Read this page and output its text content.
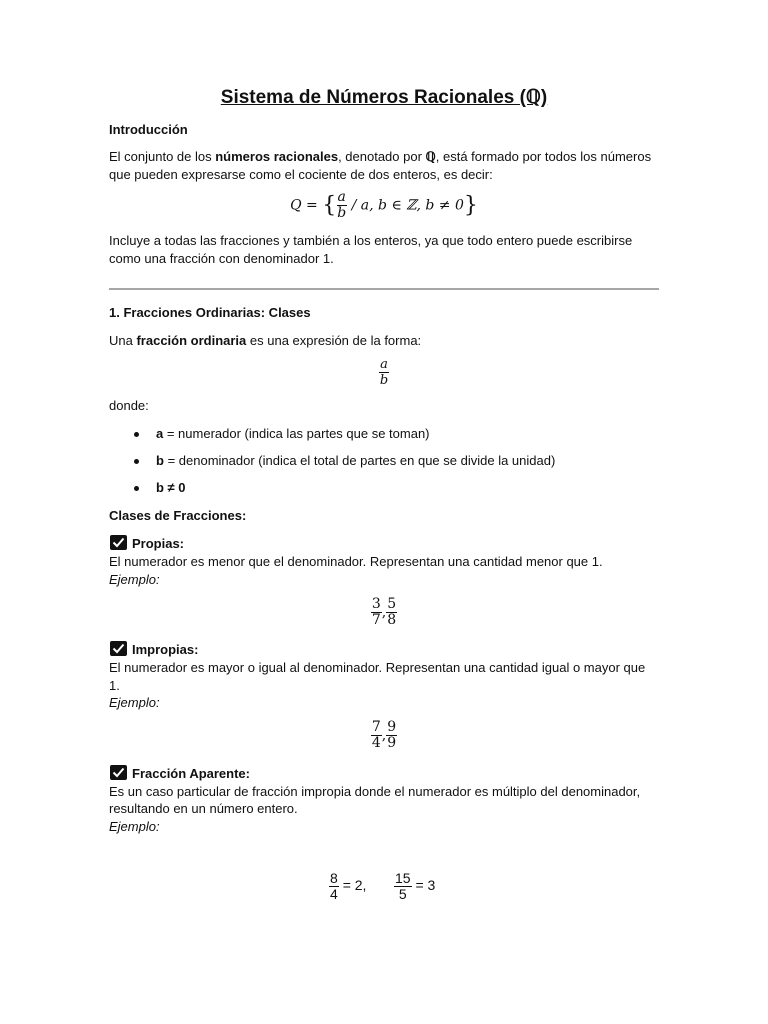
Sistema de Números Racionales (ℚ)
Introducción
El conjunto de los números racionales, denotado por ℚ, está formado por todos los números
que pueden expresarse como el cociente de dos enteros, es decir:
Q = { $\frac{a}{b}$ / a, b ∈ ℤ, b ≠ 0}
Incluye a todas las fracciones y también a los enteros, ya que todo entero puede escribirse
como una fracción con denominador 1.
1. Fracciones Ordinarias: Clases
Una fracción ordinaria es una expresión de la forma:
$\frac{a}{b}$
donde:
a = numerador (indica las partes que se toman)
b = denominador (indica el total de partes en que se divide la unidad)
b ≠ 0
Clases de Fracciones:
Propias:
El numerador es menor que el denominador. Representan una cantidad menor que 1.
Ejemplo:
$\frac{3}{7}$ , $\frac{5}{8}$
Impropias:
El numerador es mayor o igual al denominador. Representan una cantidad igual o mayor que
1.
Ejemplo:
$\frac{7}{4}$ , $\frac{9}{9}$
Fracción Aparente:
Es un caso particular de fracción impropia donde el numerador es múltiplo del denominador,
resultando en un número entero.
Ejemplo:
$\frac{8}{4} = 2$, $\frac{15}{5} = 3$
